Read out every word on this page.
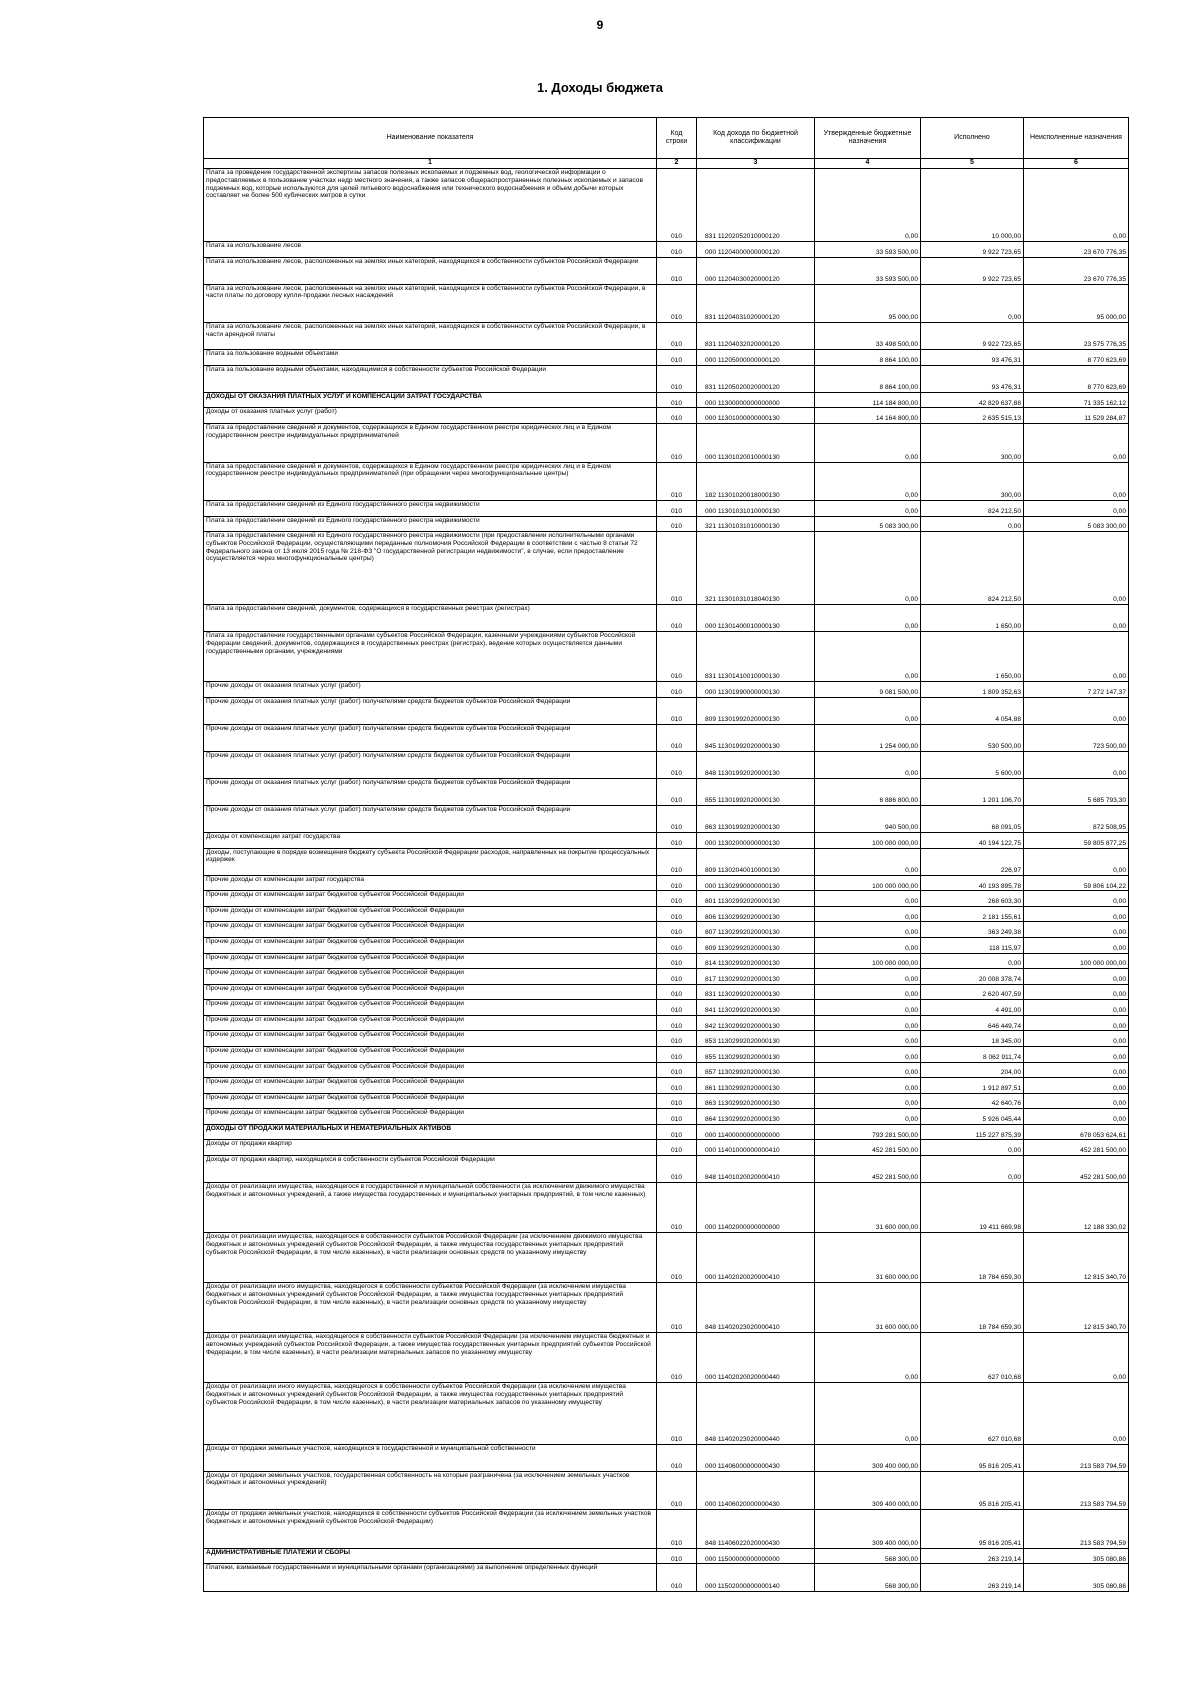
9
1. Доходы бюджета
Наименование показателя	Код строки	Код дохода по бюджетной классификации	Утвержденные бюджетные назначения	Исполнено	Неисполненные назначения
1	2	3	4	5	6
Плата за проведение государственной экспертизы запасов полезных ископаемых и подземных вод, геологической информации о предоставляемых в пользование участках недр местного значения, а также запасов общераспространенных полезных ископаемых и запасов подземных вод, которые используются для целей питьевого водоснабжения или технического водоснабжения и объем добычи которых составляет не более 500 кубических метров в сутки	010	831 11202052010000120	0,00	10 000,00	0,00
Плата за использование лесов	010	000 11204000000000120	33 593 500,00	9 922 723,65	23 670 776,35
Плата за использование лесов, расположенных на землях иных категорий, находящихся в собственности субъектов Российской Федерации	010	000 11204030020000120	33 593 500,00	9 922 723,65	23 670 776,35
Плата за использование лесов, расположенных на землях иных категорий, находящихся в собственности субъектов Российской Федерации, в части платы по договору купли-продажи лесных насаждений	010	831 11204031020000120	95 000,00	0,00	95 000,00
Плата за использование лесов, расположенных на землях иных категорий, находящихся в собственности субъектов Российской Федерации, в части арендной платы	010	831 11204032020000120	33 498 500,00	9 922 723,65	23 575 776,35
Плата за пользование водными объектами	010	000 11205000000000120	8 864 100,00	93 476,31	8 770 623,69
Плата за пользование водными объектами, находящимися в собственности субъектов Российской Федерации	010	831 11205020020000120	8 864 100,00	93 476,31	8 770 623,69
ДОХОДЫ ОТ ОКАЗАНИЯ ПЛАТНЫХ УСЛУГ И КОМПЕНСАЦИИ ЗАТРАТ ГОСУДАРСТВА	010	000 11300000000000000	114 184 800,00	42 829 637,88	71 335 162,12
Доходы от оказания платных услуг (работ)	010	000 11301000000000130	14 164 800,00	2 635 515,13	11 529 284,87
Плата за предоставление сведений и документов, содержащихся в Едином государственном реестре юридических лиц и в Едином государственном реестре индивидуальных предпринимателей	010	000 11301020010000130	0,00	300,00	0,00
Плата за предоставление сведений и документов, содержащихся в Едином государственном реестре юридических лиц и в Едином государственном реестре индивидуальных предпринимателей (при обращении через многофункциональные центры)	010	182 11301020018000130	0,00	300,00	0,00
Плата за предоставление сведений из Единого государственного реестра недвижимости	010	000 11301031010000130	0,00	824 212,50	0,00
Плата за предоставление сведений из Единого государственного реестра недвижимости	010	321 11301031010000130	5 083 300,00	0,00	5 083 300,00
Плата за предоставление сведений из Единого государственного реестра недвижимости (при предоставлении исполнительными органами субъектов Российской Федерации, осуществляющими переданные полномочия Российской Федерации в соответствии с частью 8 статьи 72 Федерального закона от 13 июля 2015 года № 218-ФЗ "О государственной регистрации недвижимости", в случае, если предоставление осуществляется через многофункциональные центры)	010	321 11301031018040130	0,00	824 212,50	0,00
Плата за предоставление сведений, документов, содержащихся в государственных реестрах (регистрах)	010	000 11301400010000130	0,00	1 650,00	0,00
Плата за предоставление государственными органами субъектов Российской Федерации, казенными учреждениями субъектов Российской Федерации сведений, документов, содержащихся в государственных реестрах (регистрах), ведение которых осуществляется данными государственными органами, учреждениями	010	831 11301410010000130	0,00	1 650,00	0,00
Прочие доходы от оказания платных услуг (работ)	010	000 11301990000000130	9 081 500,00	1 809 352,63	7 272 147,37
Прочие доходы от оказания платных услуг (работ) получателями средств бюджетов субъектов Российской Федерации	010	809 11301992020000130	0,00	4 054,88	0,00
Прочие доходы от оказания платных услуг (работ) получателями средств бюджетов субъектов Российской Федерации	010	845 11301992020000130	1 254 000,00	530 500,00	723 500,00
Прочие доходы от оказания платных услуг (работ) получателями средств бюджетов субъектов Российской Федерации	010	848 11301992020000130	0,00	5 600,00	0,00
Прочие доходы от оказания платных услуг (работ) получателями средств бюджетов субъектов Российской Федерации	010	855 11301992020000130	6 886 800,00	1 201 106,70	5 685 793,30
Прочие доходы от оказания платных услуг (работ) получателями средств бюджетов субъектов Российской Федерации	010	863 11301992020000130	940 500,00	68 091,05	872 508,95
Доходы от компенсации затрат государства	010	000 11302000000000130	100 000 000,00	40 194 122,75	59 805 877,25
Доходы, поступающие в порядке возмещения бюджету субъекта Российской Федерации расходов, направленных на покрытие процессуальных издержек	010	809 11302040010000130	0,00	226,97	0,00
Прочие доходы от компенсации затрат государства	010	000 11302990000000130	100 000 000,00	40 193 895,78	59 806 104,22
Прочие доходы от компенсации затрат бюджетов субъектов Российской Федерации	010	801 11302992020000130	0,00	268 603,30	0,00
Прочие доходы от компенсации затрат бюджетов субъектов Российской Федерации	010	806 11302992020000130	0,00	2 181 155,61	0,00
Прочие доходы от компенсации затрат бюджетов субъектов Российской Федерации	010	807 11302992020000130	0,00	363 249,38	0,00
Прочие доходы от компенсации затрат бюджетов субъектов Российской Федерации	010	809 11302992020000130	0,00	118 115,97	0,00
Прочие доходы от компенсации затрат бюджетов субъектов Российской Федерации	010	814 11302992020000130	100 000 000,00	0,00	100 000 000,00
Прочие доходы от компенсации затрат бюджетов субъектов Российской Федерации	010	817 11302992020000130	0,00	20 008 378,74	0,00
Прочие доходы от компенсации затрат бюджетов субъектов Российской Федерации	010	831 11302992020000130	0,00	2 620 407,59	0,00
Прочие доходы от компенсации затрат бюджетов субъектов Российской Федерации	010	841 11302992020000130	0,00	4 491,00	0,00
Прочие доходы от компенсации затрат бюджетов субъектов Российской Федерации	010	842 11302992020000130	0,00	646 449,74	0,00
Прочие доходы от компенсации затрат бюджетов субъектов Российской Федерации	010	853 11302992020000130	0,00	18 345,00	0,00
Прочие доходы от компенсации затрат бюджетов субъектов Российской Федерации	010	855 11302992020000130	0,00	8 062 911,74	0,00
Прочие доходы от компенсации затрат бюджетов субъектов Российской Федерации	010	857 11302992020000130	0,00	204,00	0,00
Прочие доходы от компенсации затрат бюджетов субъектов Российской Федерации	010	861 11302992020000130	0,00	1 912 897,51	0,00
Прочие доходы от компенсации затрат бюджетов субъектов Российской Федерации	010	863 11302992020000130	0,00	42 640,76	0,00
Прочие доходы от компенсации затрат бюджетов субъектов Российской Федерации	010	864 11302992020000130	0,00	5 926 045,44	0,00
ДОХОДЫ ОТ ПРОДАЖИ МАТЕРИАЛЬНЫХ И НЕМАТЕРИАЛЬНЫХ АКТИВОВ	010	000 11400000000000000	793 281 500,00	115 227 875,39	678 053 624,61
Доходы от продажи квартир	010	000 11401000000000410	452 281 500,00	0,00	452 281 500,00
Доходы от продажи квартир, находящихся в собственности субъектов Российской Федерации	010	848 11401020020000410	452 281 500,00	0,00	452 281 500,00
Доходы от реализации имущества, находящегося в государственной и муниципальной собственности (за исключением движимого имущества бюджетных и автономных учреждений, а также имущества государственных и муниципальных унитарных предприятий, в том числе казенных)	010	000 11402000000000000	31 600 000,00	19 411 669,98	12 188 330,02
Доходы от реализации имущества, находящегося в собственности субъектов Российской Федерации (за исключением движимого имущества бюджетных и автономных учреждений субъектов Российской Федерации, а также имущества государственных унитарных предприятий субъектов Российской Федерации, в том числе казенных), в части реализации основных средств по указанному имуществу	010	000 11402020020000410	31 600 000,00	18 784 659,30	12 815 340,70
Доходы от реализации иного имущества, находящегося в собственности субъектов Российской Федерации (за исключением имущества бюджетных и автономных учреждений субъектов Российской Федерации, а также имущества государственных унитарных предприятий субъектов Российской Федерации, в том числе казенных), в части реализации основных средств по указанному имуществу	010	848 11402023020000410	31 600 000,00	18 784 659,30	12 815 340,70
Доходы от реализации имущества, находящегося в собственности субъектов Российской Федерации (за исключением имущества бюджетных и автономных учреждений субъектов Российской Федерации, а также имущества государственных унитарных предприятий субъектов Российской Федерации, в том числе казенных), в части реализации материальных запасов по указанному имуществу	010	000 11402020020000440	0,00	627 010,68	0,00
Доходы от реализации иного имущества, находящегося в собственности субъектов Российской Федерации (за исключением имущества бюджетных и автономных учреждений субъектов Российской Федерации, а также имущества государственных унитарных предприятий субъектов Российской Федерации, в том числе казенных), в части реализации материальных запасов по указанному имуществу	010	848 11402023020000440	0,00	627 010,68	0,00
Доходы от продажи земельных участков, находящихся в государственной и муниципальной собственности	010	000 11406000000000430	309 400 000,00	95 816 205,41	213 583 794,59
Доходы от продажи земельных участков, государственная собственность на которые разграничена (за исключением земельных участков бюджетных и автономных учреждений)	010	000 11406020000000430	309 400 000,00	95 816 205,41	213 583 794,59
Доходы от продажи земельных участков, находящихся в собственности субъектов Российской Федерации (за исключением земельных участков бюджетных и автономных учреждений субъектов Российской Федерации)	010	848 11406022020000430	309 400 000,00	95 816 205,41	213 583 794,59
АДМИНИСТРАТИВНЫЕ ПЛАТЕЖИ И СБОРЫ	010	000 11500000000000000	568 300,00	263 219,14	305 080,86
Платежи, взимаемые государственными и муниципальными органами (организациями) за выполнение определенных функций	010	000 11502000000000140	568 300,00	263 219,14	305 080,86
